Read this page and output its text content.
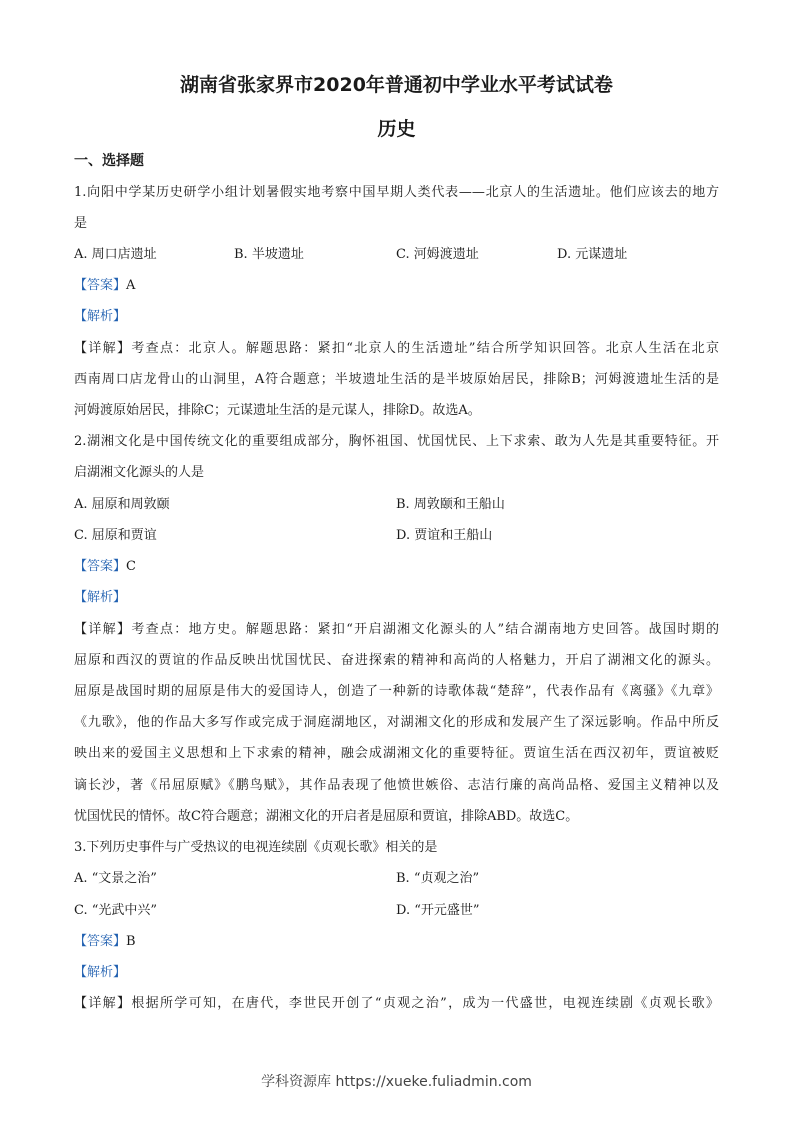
湖南省张家界市2020年普通初中学业水平考试试卷
历史
一、选择题
1.向阳中学某历史研学小组计划暑假实地考察中国早期人类代表——北京人的生活遗址。他们应该去的地方
是
A. 周口店遗址	B. 半坡遗址	C. 河姆渡遗址	D. 元谋遗址
【答案】A
【解析】
【详解】考查点：北京人。解题思路：紧扣“北京人的生活遗址”结合所学知识回答。北京人生活在北京
西南周口店龙骨山的山洞里，A符合题意；半坡遗址生活的是半坡原始居民，排除B；河姆渡遗址生活的是
河姆渡原始居民，排除C；元谋遗址生活的是元谋人，排除D。故选A。
2.湖湘文化是中国传统文化的重要组成部分，胸怀祖国、忧国忧民、上下求索、敢为人先是其重要特征。开
启湖湘文化源头的人是
A. 屈原和周敦颐	B. 周敦颐和王船山
C. 屈原和贾谊	D. 贾谊和王船山
【答案】C
【解析】
【详解】考查点：地方史。解题思路：紧扣“开启湖湘文化源头的人”结合湖南地方史回答。战国时期的
屈原和西汉的贾谊的作品反映出忧国忧民、奋进探索的精神和高尚的人格魅力，开启了湖湘文化的源头。
屈原是战国时期的屈原是伟大的爱国诗人，创造了一种新的诗歌体裁“楚辞”，代表作品有《离骚》《九章》
《九歌》，他的作品大多写作或完成于洞庭湖地区，对湖湘文化的形成和发展产生了深远影响。作品中所反
映出来的爱国主义思想和上下求索的精神，融会成湖湘文化的重要特征。贾谊生活在西汉初年，贾谊被贬
谪长沙，著《吊屈原赋》《鹏鸟赋》，其作品表现了他愤世嫉俗、志洁行廉的高尚品格、爱国主义精神以及
忧国忧民的情怀。故C符合题意；湖湘文化的开启者是屈原和贾谊，排除ABD。故选C。
3.下列历史事件与广受热议的电视连续剧《贞观长歌》相关的是
A. “文景之治”	B. “贞观之治”
C. “光武中兴”	D. “开元盛世”
【答案】B
【解析】
【详解】根据所学可知，在唐代，李世民开创了“贞观之治”，成为一代盛世，电视连续剧《贞观长歌》
学科资源库 https://xueke.fuliadmin.com
